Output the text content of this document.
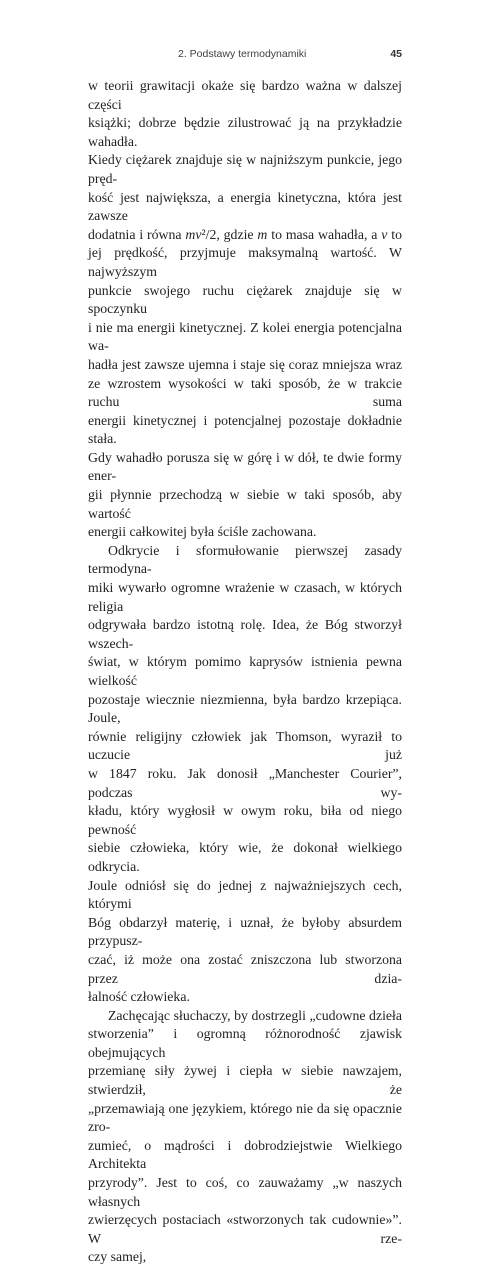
2. Podstawy termodynamiki	45

w teorii grawitacji okaże się bardzo ważna w dalszej części

książki; dobrze będzie zilustrować ją na przykładzie wahadła.

Kiedy ciężarek znajduje się w najniższym punkcie, jego pręd-

kość jest największa, a energia kinetyczna, która jest zawsze

dodatnia i równa mv²/2, gdzie m to masa wahadła, a v to

jej prędkość, przyjmuje maksymalną wartość. W najwyższym

punkcie swojego ruchu ciężarek znajduje się w spoczynku

i nie ma energii kinetycznej. Z kolei energia potencjalna wa-

hadła jest zawsze ujemna i staje się coraz mniejsza wraz

ze wzrostem wysokości w taki sposób, że w trakcie ruchu suma

energii kinetycznej i potencjalnej pozostaje dokładnie stała.

Gdy wahadło porusza się w górę i w dół, te dwie formy ener-

gii płynnie przechodzą w siebie w taki sposób, aby wartość

energii całkowitej była ściśle zachowana.

Odkrycie i sformułowanie pierwszej zasady termodyna-

miki wywarło ogromne wrażenie w czasach, w których religia

odgrywała bardzo istotną rolę. Idea, że Bóg stworzył wszech-

świat, w którym pomimo kaprysów istnienia pewna wielkość

pozostaje wiecznie niezmienna, była bardzo krzepiąca. Joule,

równie religijny człowiek jak Thomson, wyraził to uczucie już

w 1847 roku. Jak donosił „Manchester Courier”, podczas wy-

kładu, który wygłosił w owym roku, biła od niego pewność

siebie człowieka, który wie, że dokonał wielkiego odkrycia.

Joule odniósł się do jednej z najważniejszych cech, którymi

Bóg obdarzył materię, i uznał, że byłoby absurdem przypusz-

czać, iż może ona zostać zniszczona lub stworzona przez dzia-

łalność człowieka.

Zachęcając słuchaczy, by dostrzegli „cudowne dzieła

stworzenia” i ogromną różnorodność zjawisk obejmujących

przemianę siły żywej i ciepła w siebie nawzajem, stwierdził, że

„przemawiają one językiem, którego nie da się opacznie zro-

zumieć, o mądrości i dobrodziejstwie Wielkiego Architekta

przyrody”. Jest to coś, co zauważamy „w naszych własnych

zwierzęcych postaciach «stworzonych tak cudownie»”. W rze-

czy samej,
